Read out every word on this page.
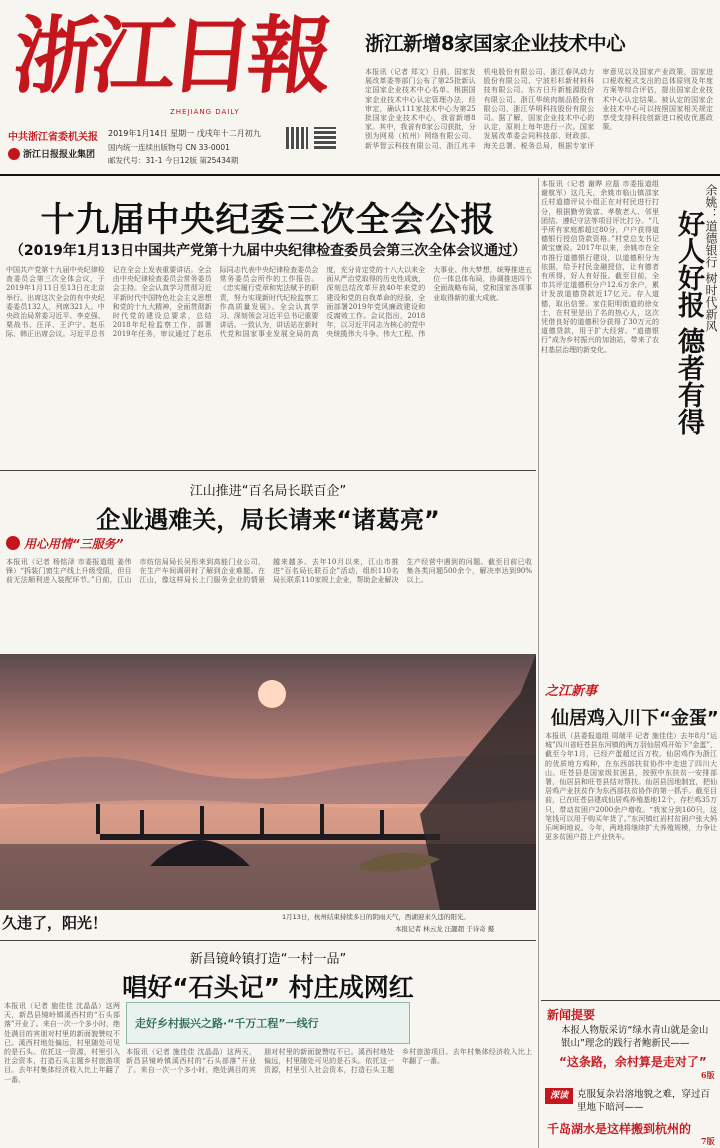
浙江日報
ZHEJIANG DAILY
中共浙江省委机关报
浙江日报报业集团
2019年1月14日 星期一 戊戌年十二月初九
国内统一连续出版物号 CN 33-0001
邮发代号：31-1 今日12版 第25434期
浙江新增8家国家企业技术中心
本报讯（记者 郑文）日前，国家发展改革委等部门公布了第25批新认定国家企业技术中心名单。根据国家企业技术中心认定管理办法，经审定，确认111家技术中心为第25批国家企业技术中心，我省新增8家。其中，我省有8家公司获批，分别为网易（杭州）网络有限公司、新华智云科技有限公司、浙江兆丰机电股份有限公司、浙江春风动力股份有限公司、宁波杉杉新材料科技有限公司、东方日升新能源股份有限公司、浙江华统肉制品股份有限公司、浙江华明科技股份有限公司。据了解，国家企业技术中心的认定，原则上每年进行一次。国家发展改革委会同科技部、财政部、海关总署、税务总局，根据专家评审意见以及国家产业政策，国家进口税收税式支出的总体原则及年度方案等综合评估，提出国家企业技术中心认定结果。被认定的国家企业技术中心可以按照国家相关规定享受支持科技创新进口税收优惠政策。
十九届中央纪委三次全会公报
（2019年1月13日中国共产党第十九届中央纪律检查委员会第三次全体会议通过）
中国共产党第十九届中央纪律检查委员会第三次全体会议，于2019年1月11日至13日在北京举行。出席这次全会的有中央纪委委员132人，列席321人。中央政治局常委习近平、李克强、栗战书、汪洋、王沪宁、赵乐际、韩正出席会议。习近平总书记在全会上发表重要讲话。全会由中央纪律检查委员会常务委员会主持。全会认真学习贯彻习近平新时代中国特色社会主义思想和党的十九大精神，全面贯彻新时代党的建设总要求，总结2018年纪检监察工作，部署2019年任务，审议通过了赵乐际同志代表中央纪律检查委员会常务委员会所作的工作报告。《忠实履行党章和宪法赋予的职责，努力实现新时代纪检监察工作高质量发展》。全会认真学习、深刻领会习近平总书记重要讲话。一致认为，讲话站在新时代党和国家事业发展全局的高度，充分肯定党的十八大以来全面从严治党取得的历史性成就，深刻总结改革开放40年来党的建设和党的自我革命的经验，全面部署2019年党风廉政建设和反腐败工作。会议指出，2018年，以习近平同志为核心的党中央统揽伟大斗争、伟大工程、伟大事业、伟大梦想，统筹推进五位一体总体布局，协调推进四个全面战略布局，党和国家各项事业取得新的重大成就。
本报讯（记者 谢晔 应磊 市委报道组 谢航军）这几天，余姚市临山镇邵家丘村道德评议小组正在对村民进行打分，根据勤劳致富、孝敬老人、邻里团结、遵纪守法等项目评比打分。“几乎所有家庭都超过80分，户户获得道德银行授信贷款资格。”村党总支书记黄宝康说。2017年以来，余姚市在全市推行道德银行建设，以道德积分为依据，给予村民金融授信，让有德者有所得，好人有好报。截至目前，全市共评定道德积分户12.6万余户，累计发放道德贷款近17亿元。存入道德，取出信誉。家住阳明街道的徐女士，在村里是出了名的热心人，这次凭借良好的道德积分获得了30万元的道德贷款，用于扩大经营。“道德银行”成为乡村振兴的加油站，带来了农村基层治理的新变化。
余姚：道德银行 树时代新风
好人好报 德者有得
江山推进“百名局长联百企”
企业遇难关，局长请来“诸葛亮”
用心用情“三服务”
本报讯（记者 杨铭泽 市委报道组 姜伟锋）“拆装门窗生产线上升级受阻，但目前无法顺利进入装配环节。”日前，江山市纺信局局长吴彤来到高能门业公司，在生产车间调研时了解到企业难题。在江山，像这样局长上门服务企业的情景越来越多。去年10月以来，江山市推进“百名局长联百企”活动，组织110名局长联系110家规上企业，帮助企业解决生产经营中遇到的问题。截至目前已收集各类问题500余个，解决率达到90%以上。
久违了，阳光！	1月13日，杭州结束持续多日的阴雨天气，西湖迎来久违的阳光。
本报记者 林云龙 汪勰超 于诗奇 摄
新昌镜岭镇打造“一村一品”
唱好“石头记” 村庄成网红
本报讯（记者 施佳佳 沈晶晶）这两天，新昌县镜岭镇溪西村的“石头部落”开业了。来自一次一个多小时，绝处满目的宾朋对村里的新面貌赞叹不已。溪西村地处偏远，村里随处可见的是石头。依托这一资源，村里引入社会资本，打造石头主题乡村旅游项目。去年村集体经济收入比上年翻了一番。
走好乡村振兴之路·“千万工程”一线行
本报讯（记者 施佳佳 沈晶晶）这两天，新昌县镜岭镇溪西村的“石头部落”开业了。来自一次一个多小时，绝处满目的宾朋对村里的新面貌赞叹不已。溪西村地处偏远，村里随处可见的是石头。依托这一资源，村里引入社会资本，打造石头主题乡村旅游项目。去年村集体经济收入比上年翻了一番。
之江新事
仙居鸡入川下“金蛋”
本报讯（县委报道组 周端平 记者 施佳佳）去年8月“运城”四川省旺苍县东河镇的两万羽仙居鸡开始下“金蛋”，截至今年1月，已经产蛋超过百万枚。仙居鸡作为浙江的优质地方鸡种，在东西部扶贫协作中走进了四川大山。旺苍县是国家级贫困县，按照中东扶贫一安排部署，仙居县和旺苍县结对帮扶。仙居县因地制宜，把仙居鸡产业扶贫作为东西部扶贫协作的第一抓手。截至目前，已在旺苍县建成仙居鸡养殖基地12个，存栏鸡35万只，带动贫困户2000余户增收。“我家分到160只，这笔钱可以用于购买年货了。”东河镇红岩村贫困户张大妈乐呵呵地说。今年，两地将继续扩大养殖规模，力争让更多贫困户搭上产业快车。
新闻提要
本报人物版采访“绿水青山就是金山银山”理念的践行者鲍新民——
“这条路，余村算是走对了”
6版
深读 克服复杂岩溶地貌之难，穿过百里地下暗河——
千岛湖水是这样搬到杭州的
7版
